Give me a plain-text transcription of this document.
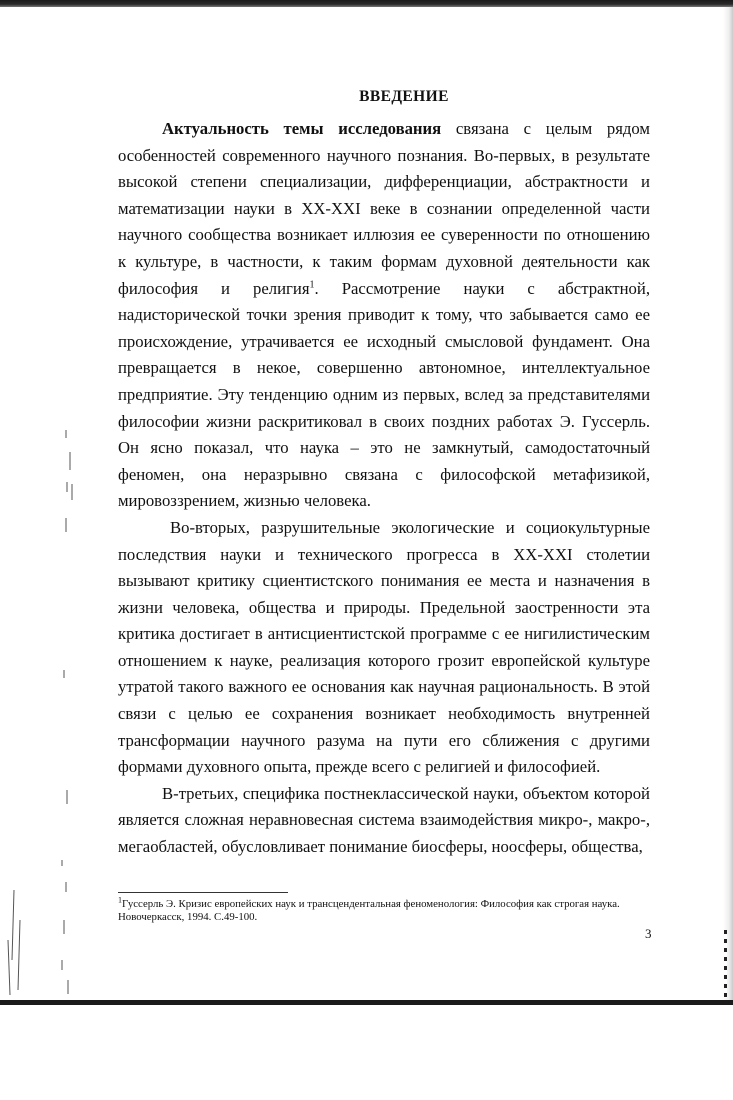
ВВЕДЕНИЕ

Актуальность темы исследования связана с целым рядом особенностей современного научного познания. Во-первых, в результате высокой степени специализации, дифференциации, абстрактности и математизации науки в XX-XXI веке в сознании определенной части научного сообщества возникает иллюзия ее суверенности по отношению к культуре, в частности, к таким формам духовной деятельности как философия и религия$^1$. Рассмотрение науки с абстрактной, надисторической точки зрения приводит к тому, что забывается само ее происхождение, утрачивается ее исходный смысловой фундамент. Она превращается в некое, совершенно автономное, интеллектуальное предприятие. Эту тенденцию одним из первых, вслед за представителями философии жизни раскритиковал в своих поздних работах Э. Гуссерль. Он ясно показал, что наука – это не замкнутый, самодостаточный феномен, она неразрывно связана с философской метафизикой, мировоззрением, жизнью человека.

Во-вторых, разрушительные экологические и социокультурные последствия науки и технического прогресса в XX-XXI столетии вызывают критику сциентистского понимания ее места и назначения в жизни человека, общества и природы. Предельной заостренности эта критика достигает в антисциентистской программе с ее нигилистическим отношением к науке, реализация которого грозит европейской культуре утратой такого важного ее основания как научная рациональность. В этой связи с целью ее сохранения возникает необходимость внутренней трансформации научного разума на пути его сближения с другими формами духовного опыта, прежде всего с религией и философией.

В-третьих, специфика постнеклассической науки, объектом которой является сложная неравновесная система взаимодействия микро-, макро-, мегаобластей, обусловливает понимание биосферы, ноосферы, общества,

$^1$Гуссерль Э. Кризис европейских наук и трансцендентальная феноменология: Философия как строгая наука. Новочеркасск, 1994. С.49-100.
3
